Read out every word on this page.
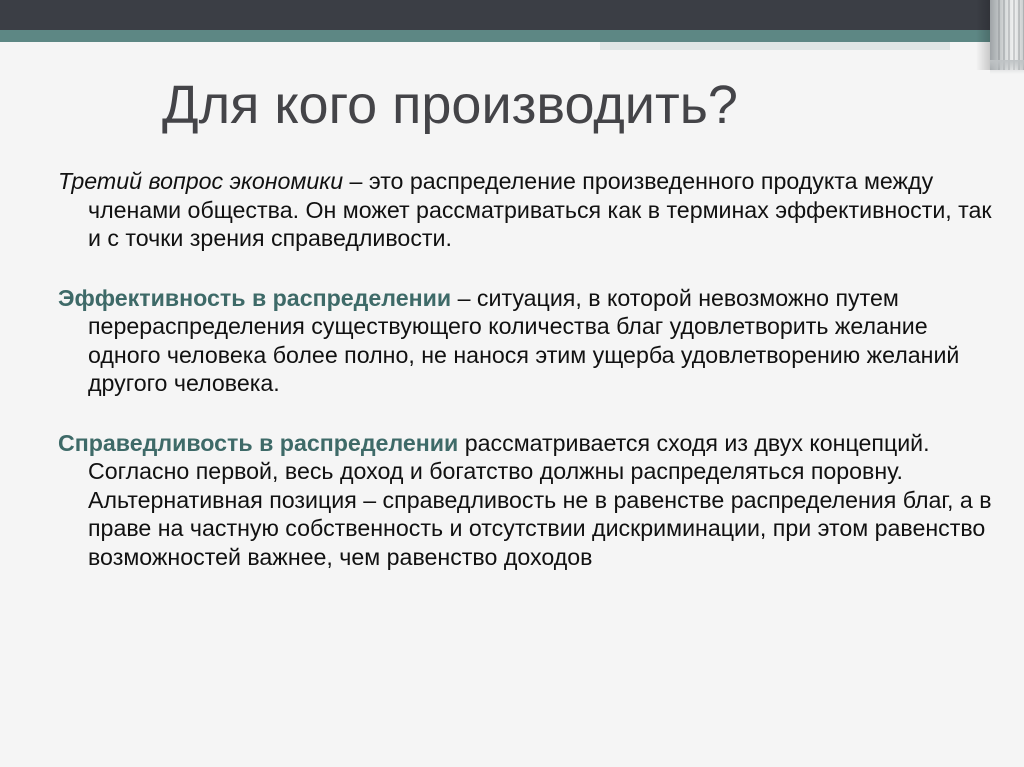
Для кого производить?

Третий вопрос экономики – это распределение произведенного продукта между членами общества. Он может рассматриваться как в терминах эффективности, так и с точки зрения справедливости.

Эффективность в распределении – ситуация, в которой невозможно путем перераспределения существующего количества благ удовлетворить желание одного человека более полно, не нанося этим ущерба удовлетворению желаний другого человека.

Справедливость в распределении рассматривается сходя из двух концепций. Согласно первой, весь доход и богатство должны распределяться поровну. Альтернативная позиция – справедливость не в равенстве распределения благ, а в праве на частную собственность и отсутствии дискриминации, при этом равенство возможностей важнее, чем равенство доходов
